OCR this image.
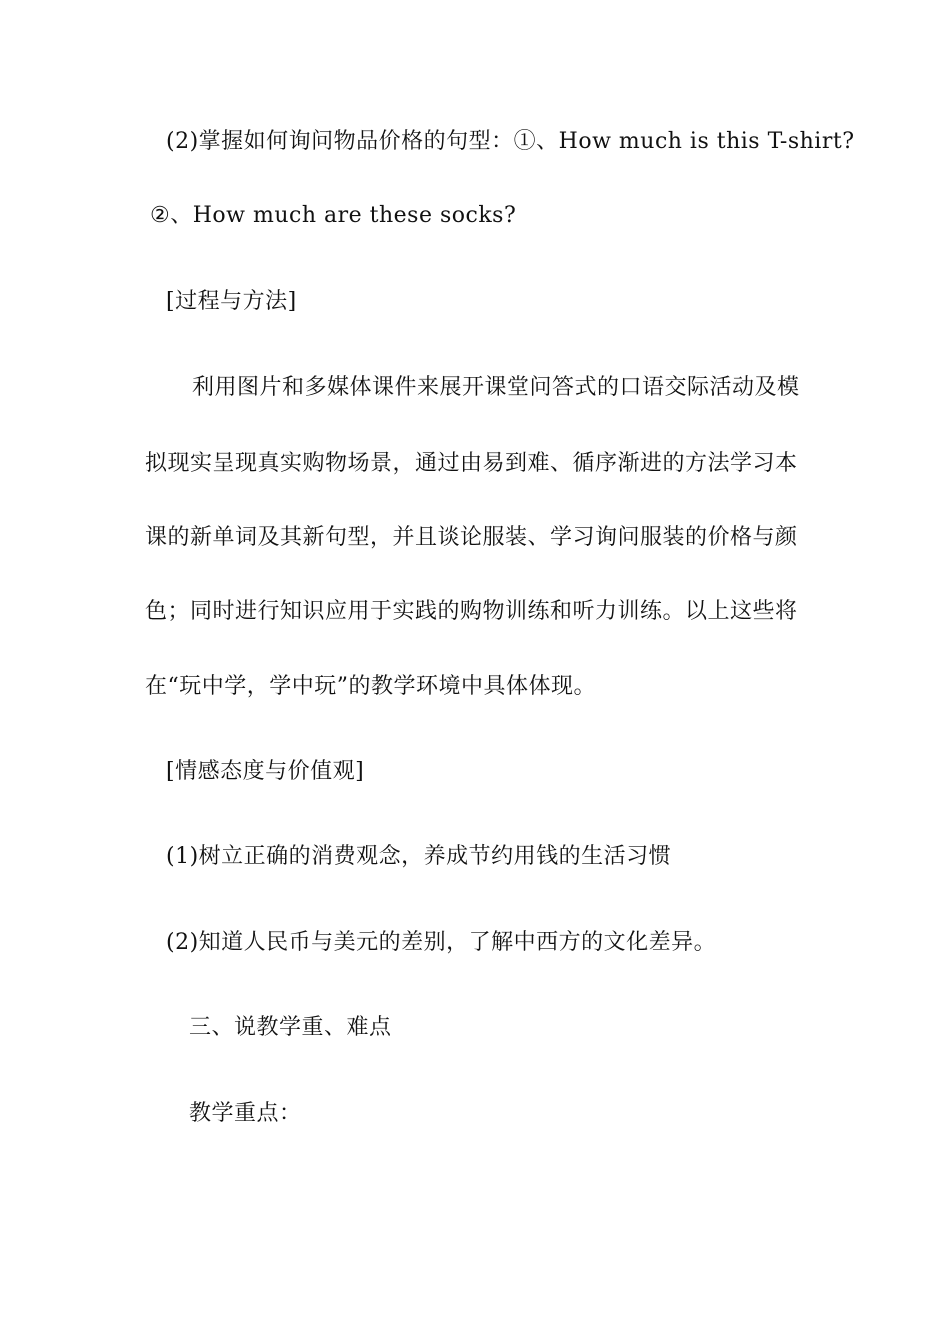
(2)掌握如何询问物品价格的句型：①、How much is this T-shirt?
②、How much are these socks?
[过程与方法]
利用图片和多媒体课件来展开课堂问答式的口语交际活动及模
拟现实呈现真实购物场景，通过由易到难、循序渐进的方法学习本
课的新单词及其新句型，并且谈论服装、学习询问服装的价格与颜
色；同时进行知识应用于实践的购物训练和听力训练。以上这些将
在“玩中学，学中玩”的教学环境中具体体现。
[情感态度与价值观]
(1)树立正确的消费观念，养成节约用钱的生活习惯
(2)知道人民币与美元的差别，了解中西方的文化差异。
三、说教学重、难点
教学重点：
